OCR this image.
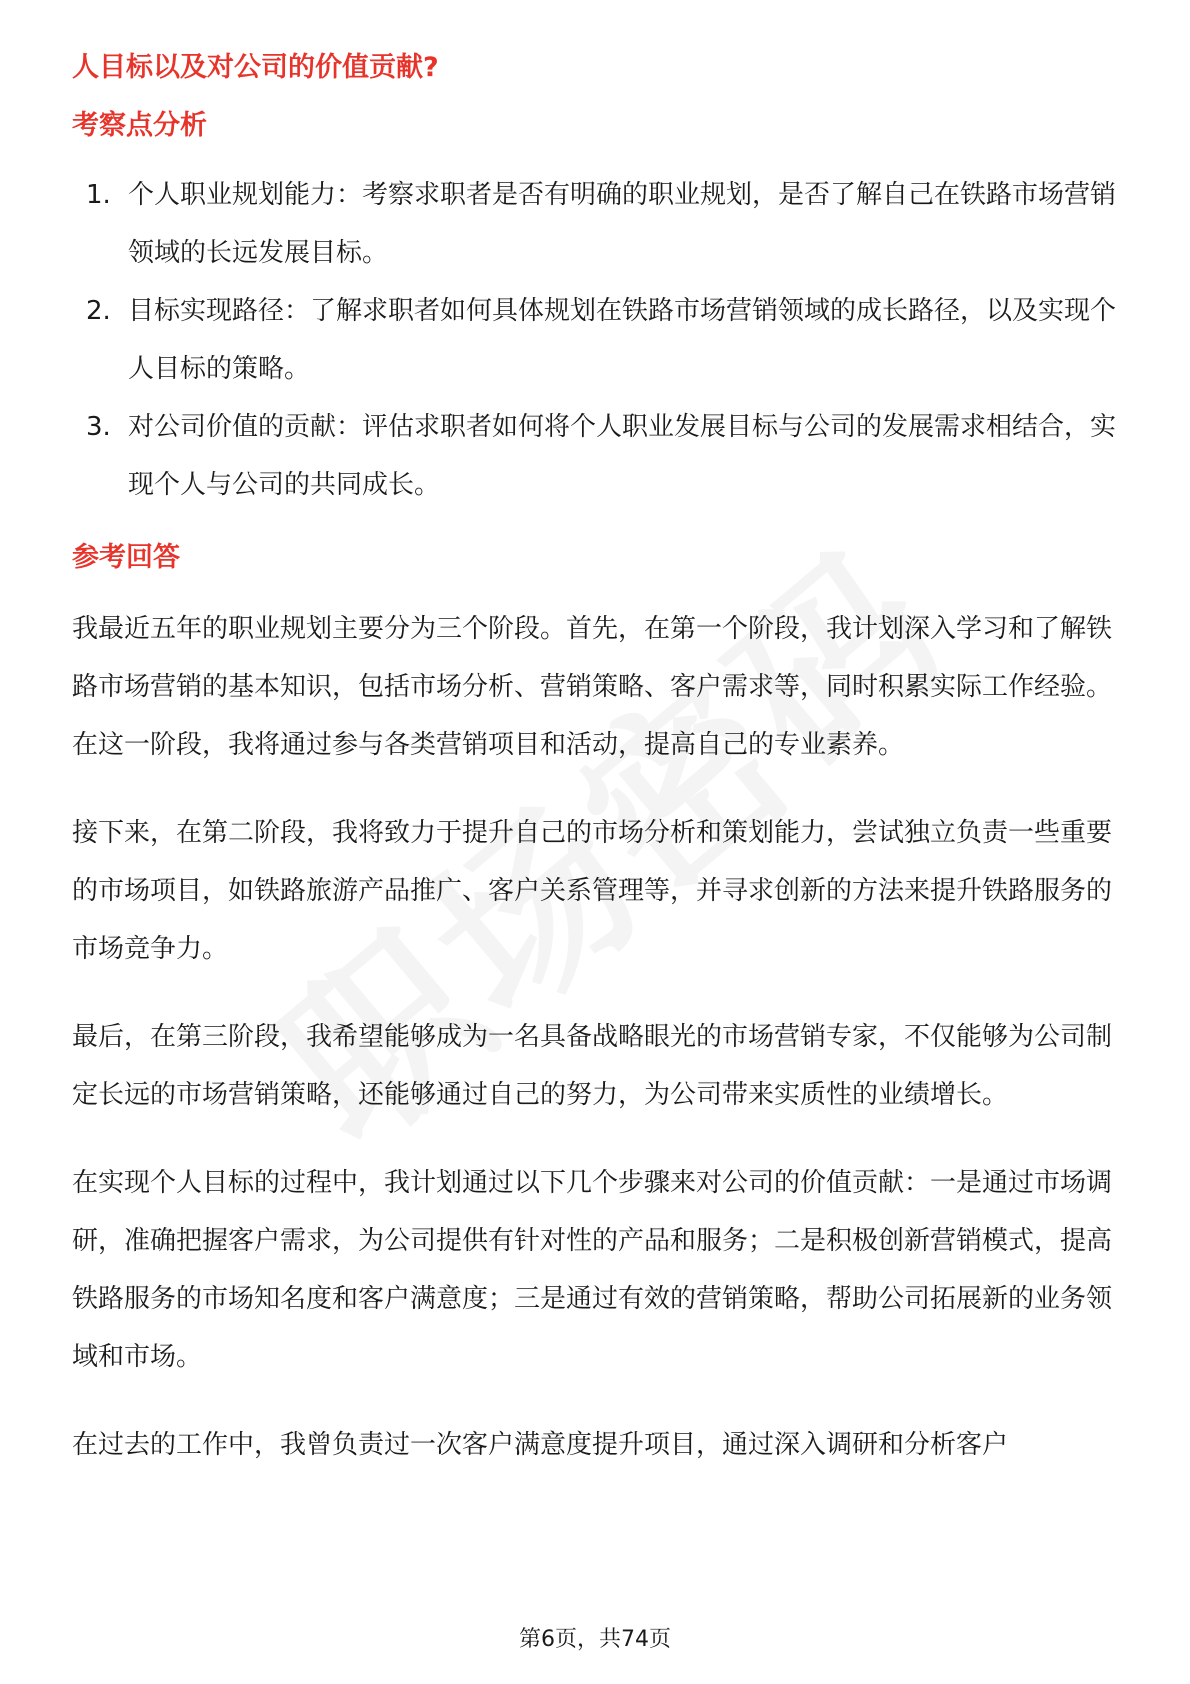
人目标以及对公司的价值贡献?
考察点分析
1. 个人职业规划能力：考察求职者是否有明确的职业规划，是否了解自己在铁路市场营销领域的长远发展目标。
2. 目标实现路径：了解求职者如何具体规划在铁路市场营销领域的成长路径，以及实现个人目标的策略。
3. 对公司价值的贡献：评估求职者如何将个人职业发展目标与公司的发展需求相结合，实现个人与公司的共同成长。
参考回答

我最近五年的职业规划主要分为三个阶段。首先，在第一个阶段，我计划深入学习和了解铁路市场营销的基本知识，包括市场分析、营销策略、客户需求等，同时积累实际工作经验。在这一阶段，我将通过参与各类营销项目和活动，提高自己的专业素养。

接下来，在第二阶段，我将致力于提升自己的市场分析和策划能力，尝试独立负责一些重要的市场项目，如铁路旅游产品推广、客户关系管理等，并寻求创新的方法来提升铁路服务的市场竞争力。

最后，在第三阶段，我希望能够成为一名具备战略眼光的市场营销专家，不仅能够为公司制定长远的市场营销策略，还能够通过自己的努力，为公司带来实质性的业绩增长。

在实现个人目标的过程中，我计划通过以下几个步骤来对公司的价值贡献：一是通过市场调研，准确把握客户需求，为公司提供有针对性的产品和服务；二是积极创新营销模式，提高铁路服务的市场知名度和客户满意度；三是通过有效的营销策略，帮助公司拓展新的业务领域和市场。

在过去的工作中，我曾负责过一次客户满意度提升项目，通过深入调研和分析客户

第6页，共74页
